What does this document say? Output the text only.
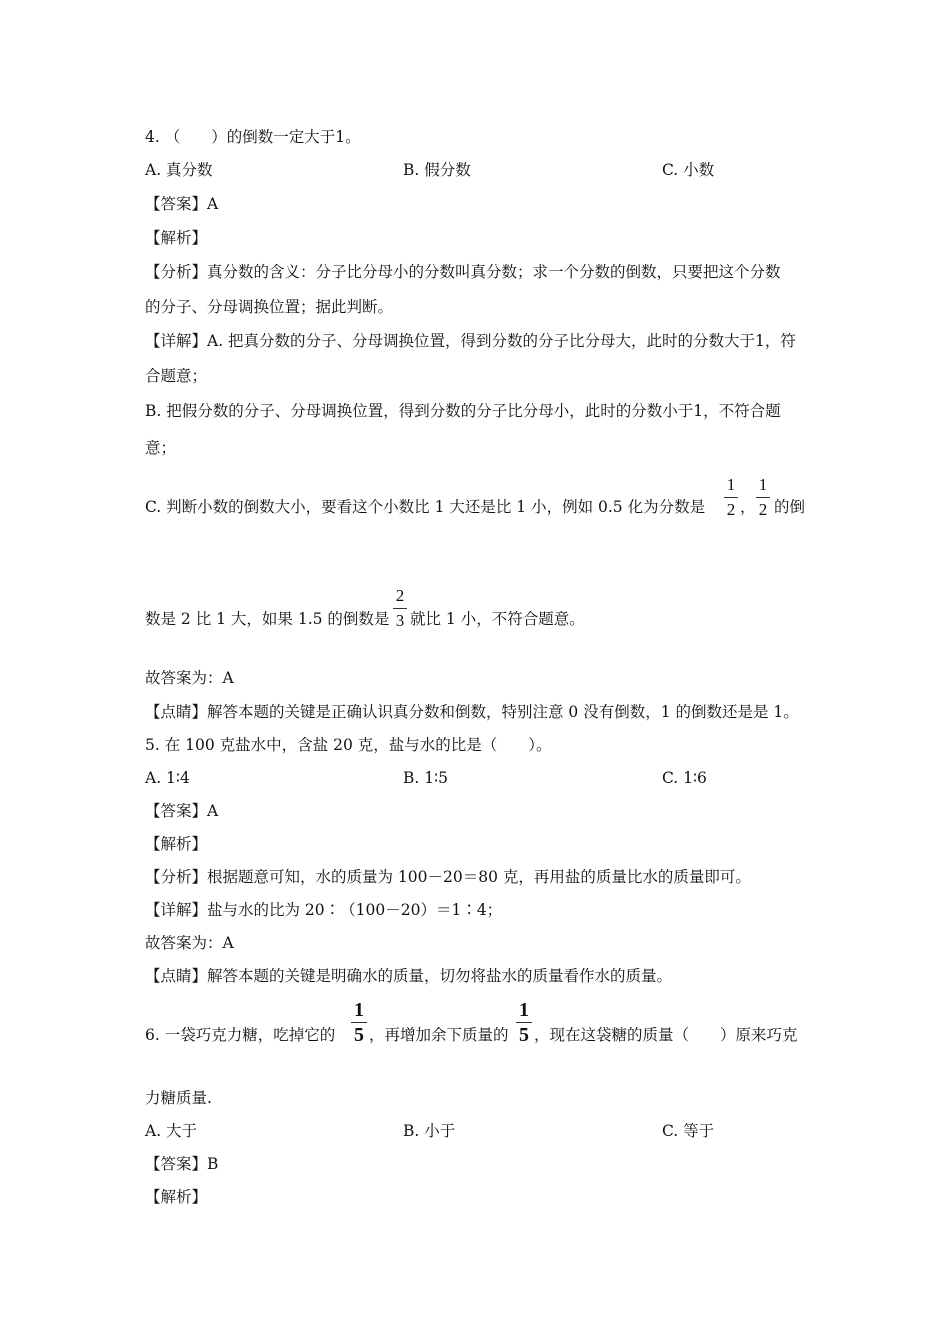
4. （　　）的倒数一定大于1。
A. 真分数	B. 假分数	C. 小数
【答案】A
【解析】
【分析】真分数的含义：分子比分母小的分数叫真分数；求一个分数的倒数，只要把这个分数
的分子、分母调换位置；据此判断。
【详解】A. 把真分数的分子、分母调换位置，得到分数的分子比分母大，此时的分数大于1，符
合题意；
B. 把假分数的分子、分母调换位置，得到分数的分子比分母小，此时的分数小于1，不符合题
意；
C. 判断小数的倒数大小，要看这个小数比 1 大还是比 1 小，例如 0.5 化为分数是
1
2 ，
1
2 的倒
数是 2 比 1 大，如果 1.5 的倒数是
2
3 就比 1 小，不符合题意。
故答案为：A
【点睛】解答本题的关键是正确认识真分数和倒数，特别注意 0 没有倒数，1 的倒数还是是 1。
5. 在 100 克盐水中，含盐 20 克，盐与水的比是（　　）。
A. 1∶4	B. 1∶5	C. 1∶6
【答案】A
【解析】
【分析】根据题意可知，水的质量为 100－20＝80 克，再用盐的质量比水的质量即可。
【详解】盐与水的比为 20∶（100－20）＝1∶4；
故答案为：A
【点睛】解答本题的关键是明确水的质量，切勿将盐水的质量看作水的质量。
6. 一袋巧克力糖，吃掉它的
1
5 ，再增加余下质量的
1
5 ，现在这袋糖的质量（　　）原来巧克
力糖质量.
A. 大于	B. 小于	C. 等于
【答案】B
【解析】
